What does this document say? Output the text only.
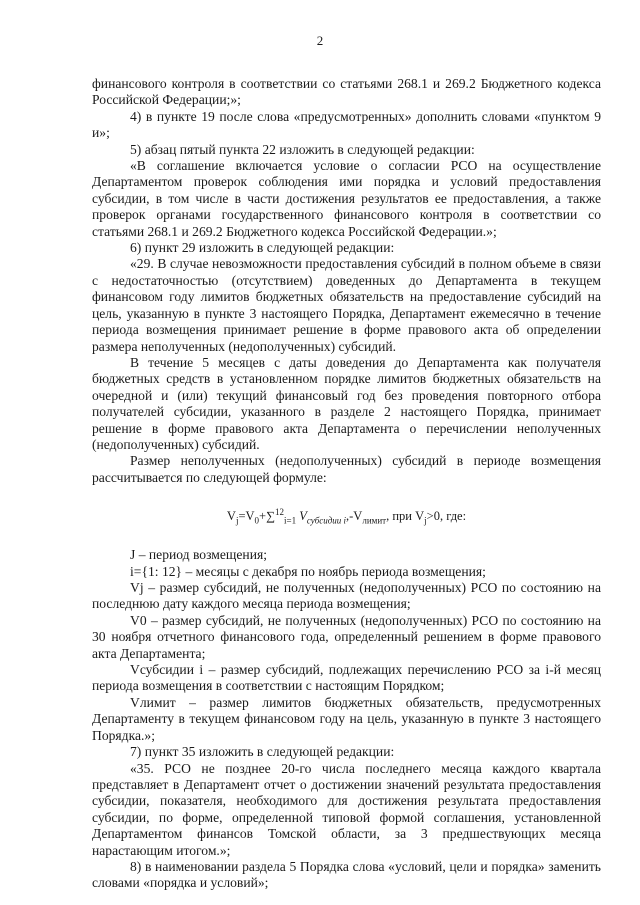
2

финансового контроля в соответствии со статьями 268.1 и 269.2 Бюджетного кодекса Российской Федерации;»;

4) в пункте 19 после слова «предусмотренных» дополнить словами «пунктом 9 и»;

5) абзац пятый пункта 22 изложить в следующей редакции:

«В соглашение включается условие о согласии РСО на осуществление Департаментом проверок соблюдения ими порядка и условий предоставления субсидии, в том числе в части достижения результатов ее предоставления, а также проверок органами государственного финансового контроля в соответствии со статьями 268.1 и 269.2 Бюджетного кодекса Российской Федерации.»;

6) пункт 29 изложить в следующей редакции:

«29. В случае невозможности предоставления субсидий в полном объеме в связи с недостаточностью (отсутствием) доведенных до Департамента в текущем финансовом году лимитов бюджетных обязательств на предоставление субсидий на цель, указанную в пункте 3 настоящего Порядка, Департамент ежемесячно в течение периода возмещения принимает решение в форме правового акта об определении размера неполученных (недополученных) субсидий.

В течение 5 месяцев с даты доведения до Департамента как получателя бюджетных средств в установленном порядке лимитов бюджетных обязательств на очередной и (или) текущий финансовый год без проведения повторного отбора получателей субсидии, указанного в разделе 2 настоящего Порядка, принимает решение в форме правового акта Департамента о перечислении неполученных (недополученных) субсидий.

Размер неполученных (недополученных) субсидий в периоде возмещения рассчитывается по следующей формуле:

$V_j=V_0+\sum^{12}_{i=1}$ $V_{субсидии i},-V_{лимит}$, при $V_j>0$, где:

J – период возмещения;

i={1: 12} – месяцы с декабря по ноябрь периода возмещения;

Vj – размер субсидий, не полученных (недополученных) РСО по состоянию на последнюю дату каждого месяца периода возмещения;

V0 – размер субсидий, не полученных (недополученных) РСО по состоянию на 30 ноября отчетного финансового года, определенный решением в форме правового акта Департамента;

Vсубсидии i – размер субсидий, подлежащих перечислению РСО за i-й месяц периода возмещения в соответствии с настоящим Порядком;

Vлимит – размер лимитов бюджетных обязательств, предусмотренных Департаменту в текущем финансовом году на цель, указанную в пункте 3 настоящего Порядка.»;

7) пункт 35 изложить в следующей редакции:

«35. РСО не позднее 20-го числа последнего месяца каждого квартала представляет в Департамент отчет о достижении значений результата предоставления субсидии, показателя, необходимого для достижения результата предоставления субсидии, по форме, определенной типовой формой соглашения, установленной Департаментом финансов Томской области, за 3 предшествующих месяца нарастающим итогом.»;

8) в наименовании раздела 5 Порядка слова «условий, цели и порядка» заменить словами «порядка и условий»;
